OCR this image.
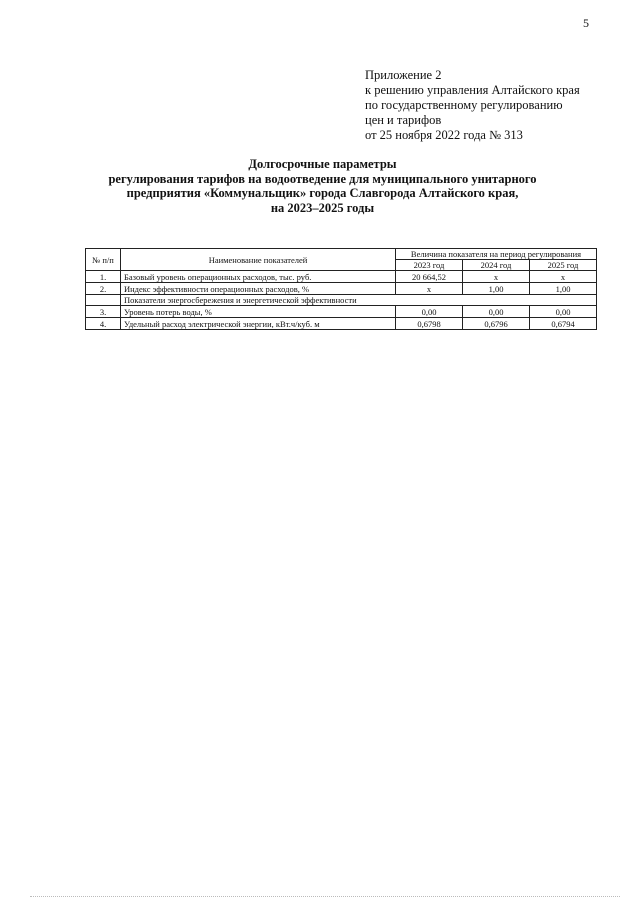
5
Приложение 2
к решению управления Алтайского края
по государственному регулированию
цен и тарифов
от 25 ноября 2022 года № 313
Долгосрочные параметры
регулирования тарифов на водоотведение для муниципального унитарного
предприятия «Коммунальщик» города Славгорода Алтайского края,
на 2023–2025 годы
№ п/п	Наименование показателей	Величина показателя на период регулирования		
		2023 год	2024 год	2025 год
1.	Базовый уровень операционных расходов, тыс. руб.	20 664,52	х	х
2.	Индекс эффективности операционных расходов, %	х	1,00	1,00
	Показатели энергосбережения и энергетической эффективности			
3.	Уровень потерь воды, %	0,00	0,00	0,00
4.	Удельный расход электрической энергии, кВт.ч/куб. м	0,6798	0,6796	0,6794
